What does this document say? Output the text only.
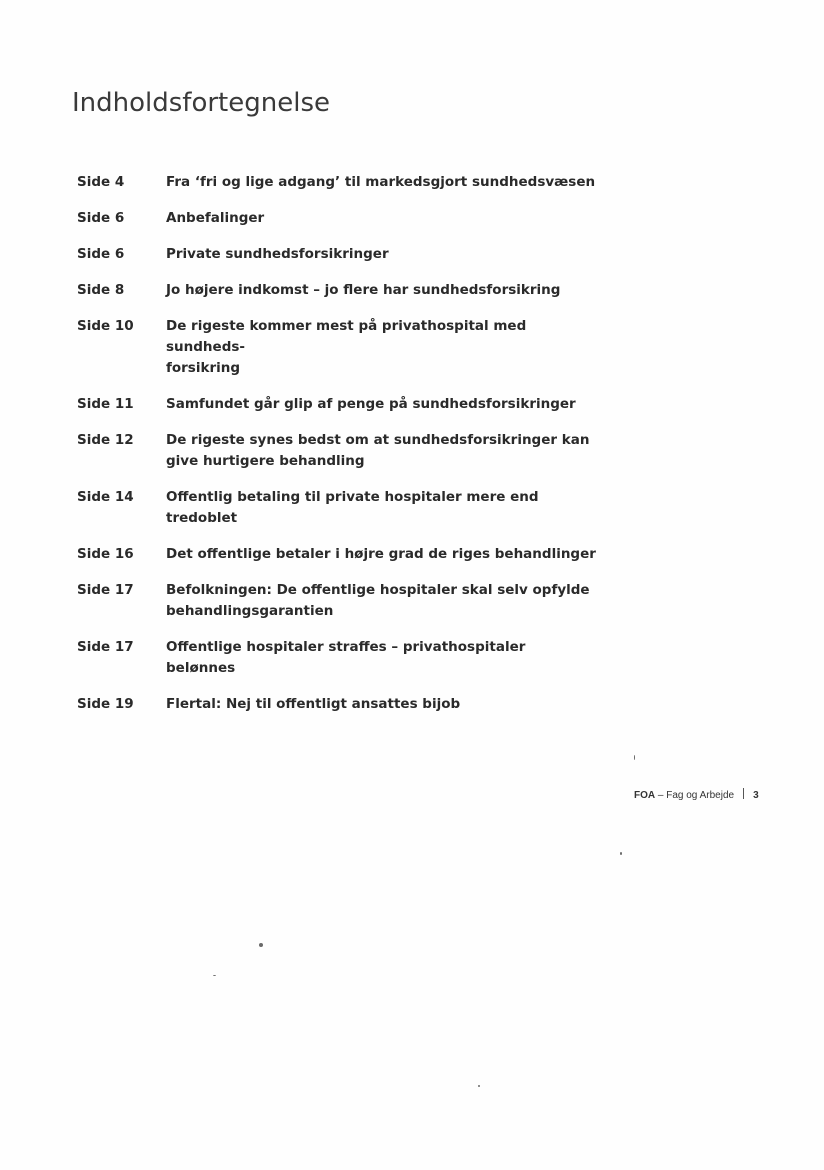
Indholdsfortegnelse
Side 4	Fra ‘fri og lige adgang’ til markedsgjort sundhedsvæsen
Side 6	Anbefalinger
Side 6	Private sundhedsforsikringer
Side 8	Jo højere indkomst – jo flere har sundhedsforsikring
Side 10	De rigeste kommer mest på privathospital med sundheds-
forsikring
Side 11	Samfundet går glip af penge på sundhedsforsikringer
Side 12	De rigeste synes bedst om at sundhedsforsikringer kan
give hurtigere behandling
Side 14	Offentlig betaling til private hospitaler mere end tredoblet
Side 16	Det offentlige betaler i højre grad de riges behandlinger
Side 17	Befolkningen: De offentlige hospitaler skal selv opfylde
behandlingsgarantien
Side 17	Offentlige hospitaler straffes – privathospitaler belønnes
Side 19	Flertal: Nej til offentligt ansattes bijob
FOA – Fag og Arbejde 3
